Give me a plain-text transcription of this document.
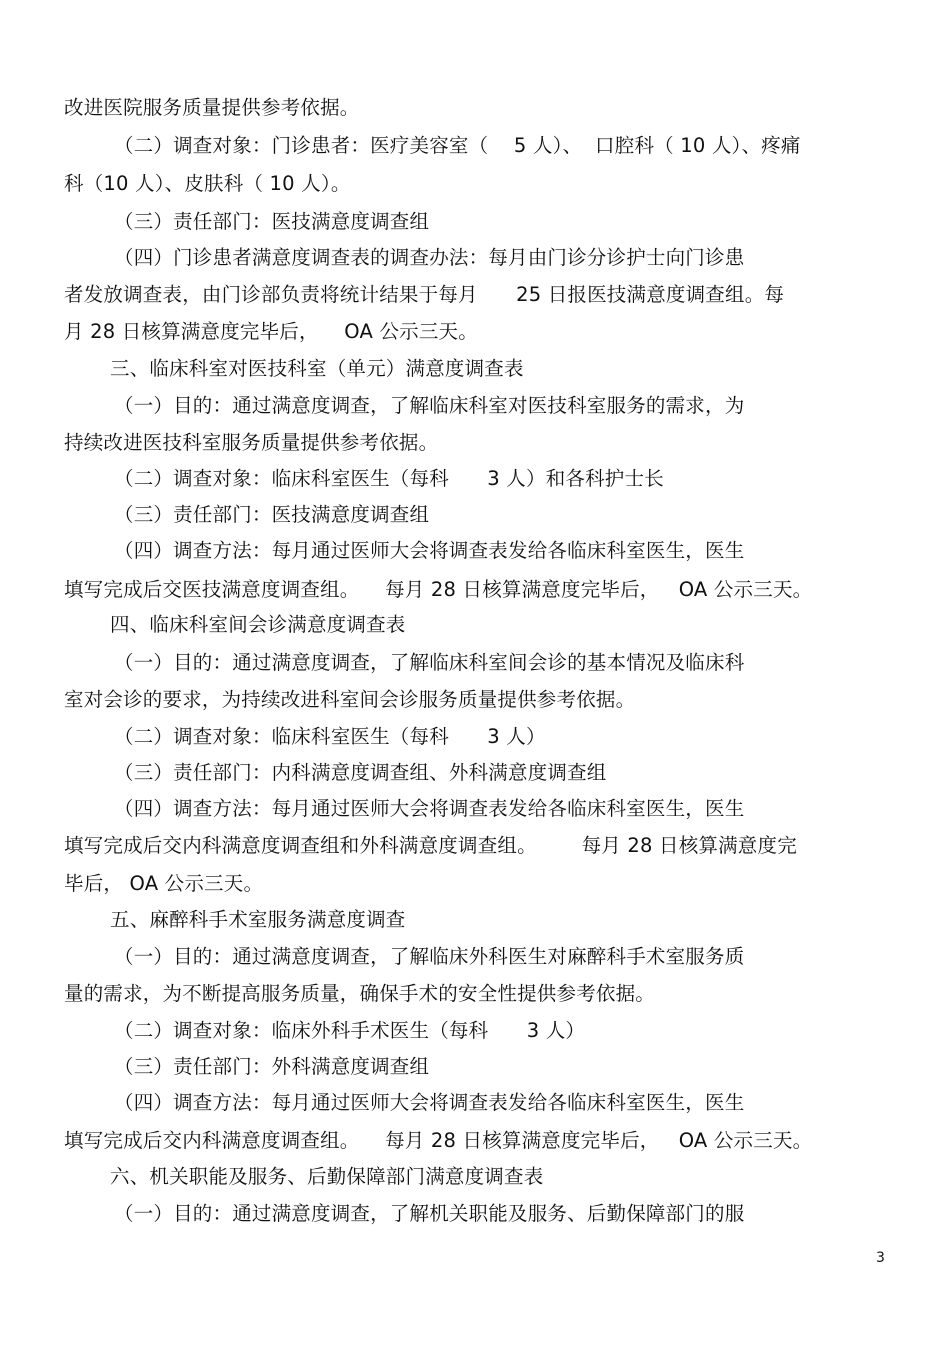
改进医院服务质量提供参考依据。
（二）调查对象：门诊患者：医疗美容室（    5 人）、  口腔科（ 10 人）、疼痛
科（10 人）、皮肤科（ 10 人）。
（三）责任部门：医技满意度调查组
（四）门诊患者满意度调查表的调查办法：每月由门诊分诊护士向门诊患
者发放调查表，由门诊部负责将统计结果于每月      25 日报医技满意度调查组。每
月 28 日核算满意度完毕后，    OA 公示三天。
三、临床科室对医技科室（单元）满意度调查表
（一）目的：通过满意度调查，了解临床科室对医技科室服务的需求，为
持续改进医技科室服务质量提供参考依据。
（二）调查对象：临床科室医生（每科      3 人）和各科护士长
（三）责任部门：医技满意度调查组
（四）调查方法：每月通过医师大会将调查表发给各临床科室医生，医生
填写完成后交医技满意度调查组。    每月 28 日核算满意度完毕后，   OA 公示三天。
四、临床科室间会诊满意度调查表
（一）目的：通过满意度调查，了解临床科室间会诊的基本情况及临床科
室对会诊的要求，为持续改进科室间会诊服务质量提供参考依据。
（二）调查对象：临床科室医生（每科      3 人）
（三）责任部门：内科满意度调查组、外科满意度调查组
（四）调查方法：每月通过医师大会将调查表发给各临床科室医生，医生
填写完成后交内科满意度调查组和外科满意度调查组。       每月 28 日核算满意度完
毕后， OA 公示三天。
五、麻醉科手术室服务满意度调查
（一）目的：通过满意度调查，了解临床外科医生对麻醉科手术室服务质
量的需求，为不断提高服务质量，确保手术的安全性提供参考依据。
（二）调查对象：临床外科手术医生（每科      3 人）
（三）责任部门：外科满意度调查组
（四）调查方法：每月通过医师大会将调查表发给各临床科室医生，医生
填写完成后交内科满意度调查组。    每月 28 日核算满意度完毕后，   OA 公示三天。
六、机关职能及服务、后勤保障部门满意度调查表
（一）目的：通过满意度调查，了解机关职能及服务、后勤保障部门的服
3
